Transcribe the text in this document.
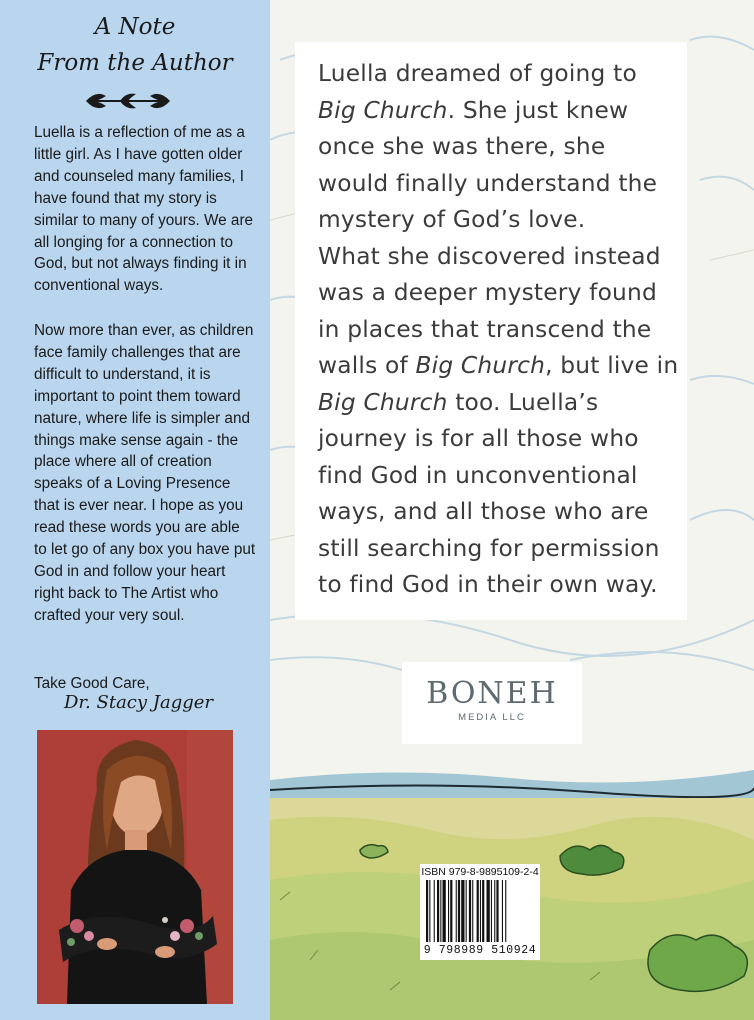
A Note
From the Author

Luella is a reflection of me as a little girl. As I have gotten older and counseled many families, I have found that my story is similar to many of yours. We are all longing for a connection to God, but not always finding it in conventional ways.

Now more than ever, as children face family challenges that are difficult to understand, it is important to point them toward nature, where life is simpler and things make sense again - the place where all of creation speaks of a Loving Presence that is ever near. I hope as you read these words you are able to let go of any box you have put God in and follow your heart right back to The Artist who crafted your very soul.

Take Good Care,

Dr. Stacy Jagger

Luella dreamed of going to Big Church. She just knew once she was there, she would finally understand the mystery of God’s love.
What she discovered instead was a deeper mystery found in places that transcend the walls of Big Church, but live in Big Church too. Luella’s journey is for all those who find God in unconventional ways, and all those who are still searching for permission to find God in their own way.

BONEH
MEDIA LLC
ISBN 979-8-9895109-2-4
9 798989 510924
